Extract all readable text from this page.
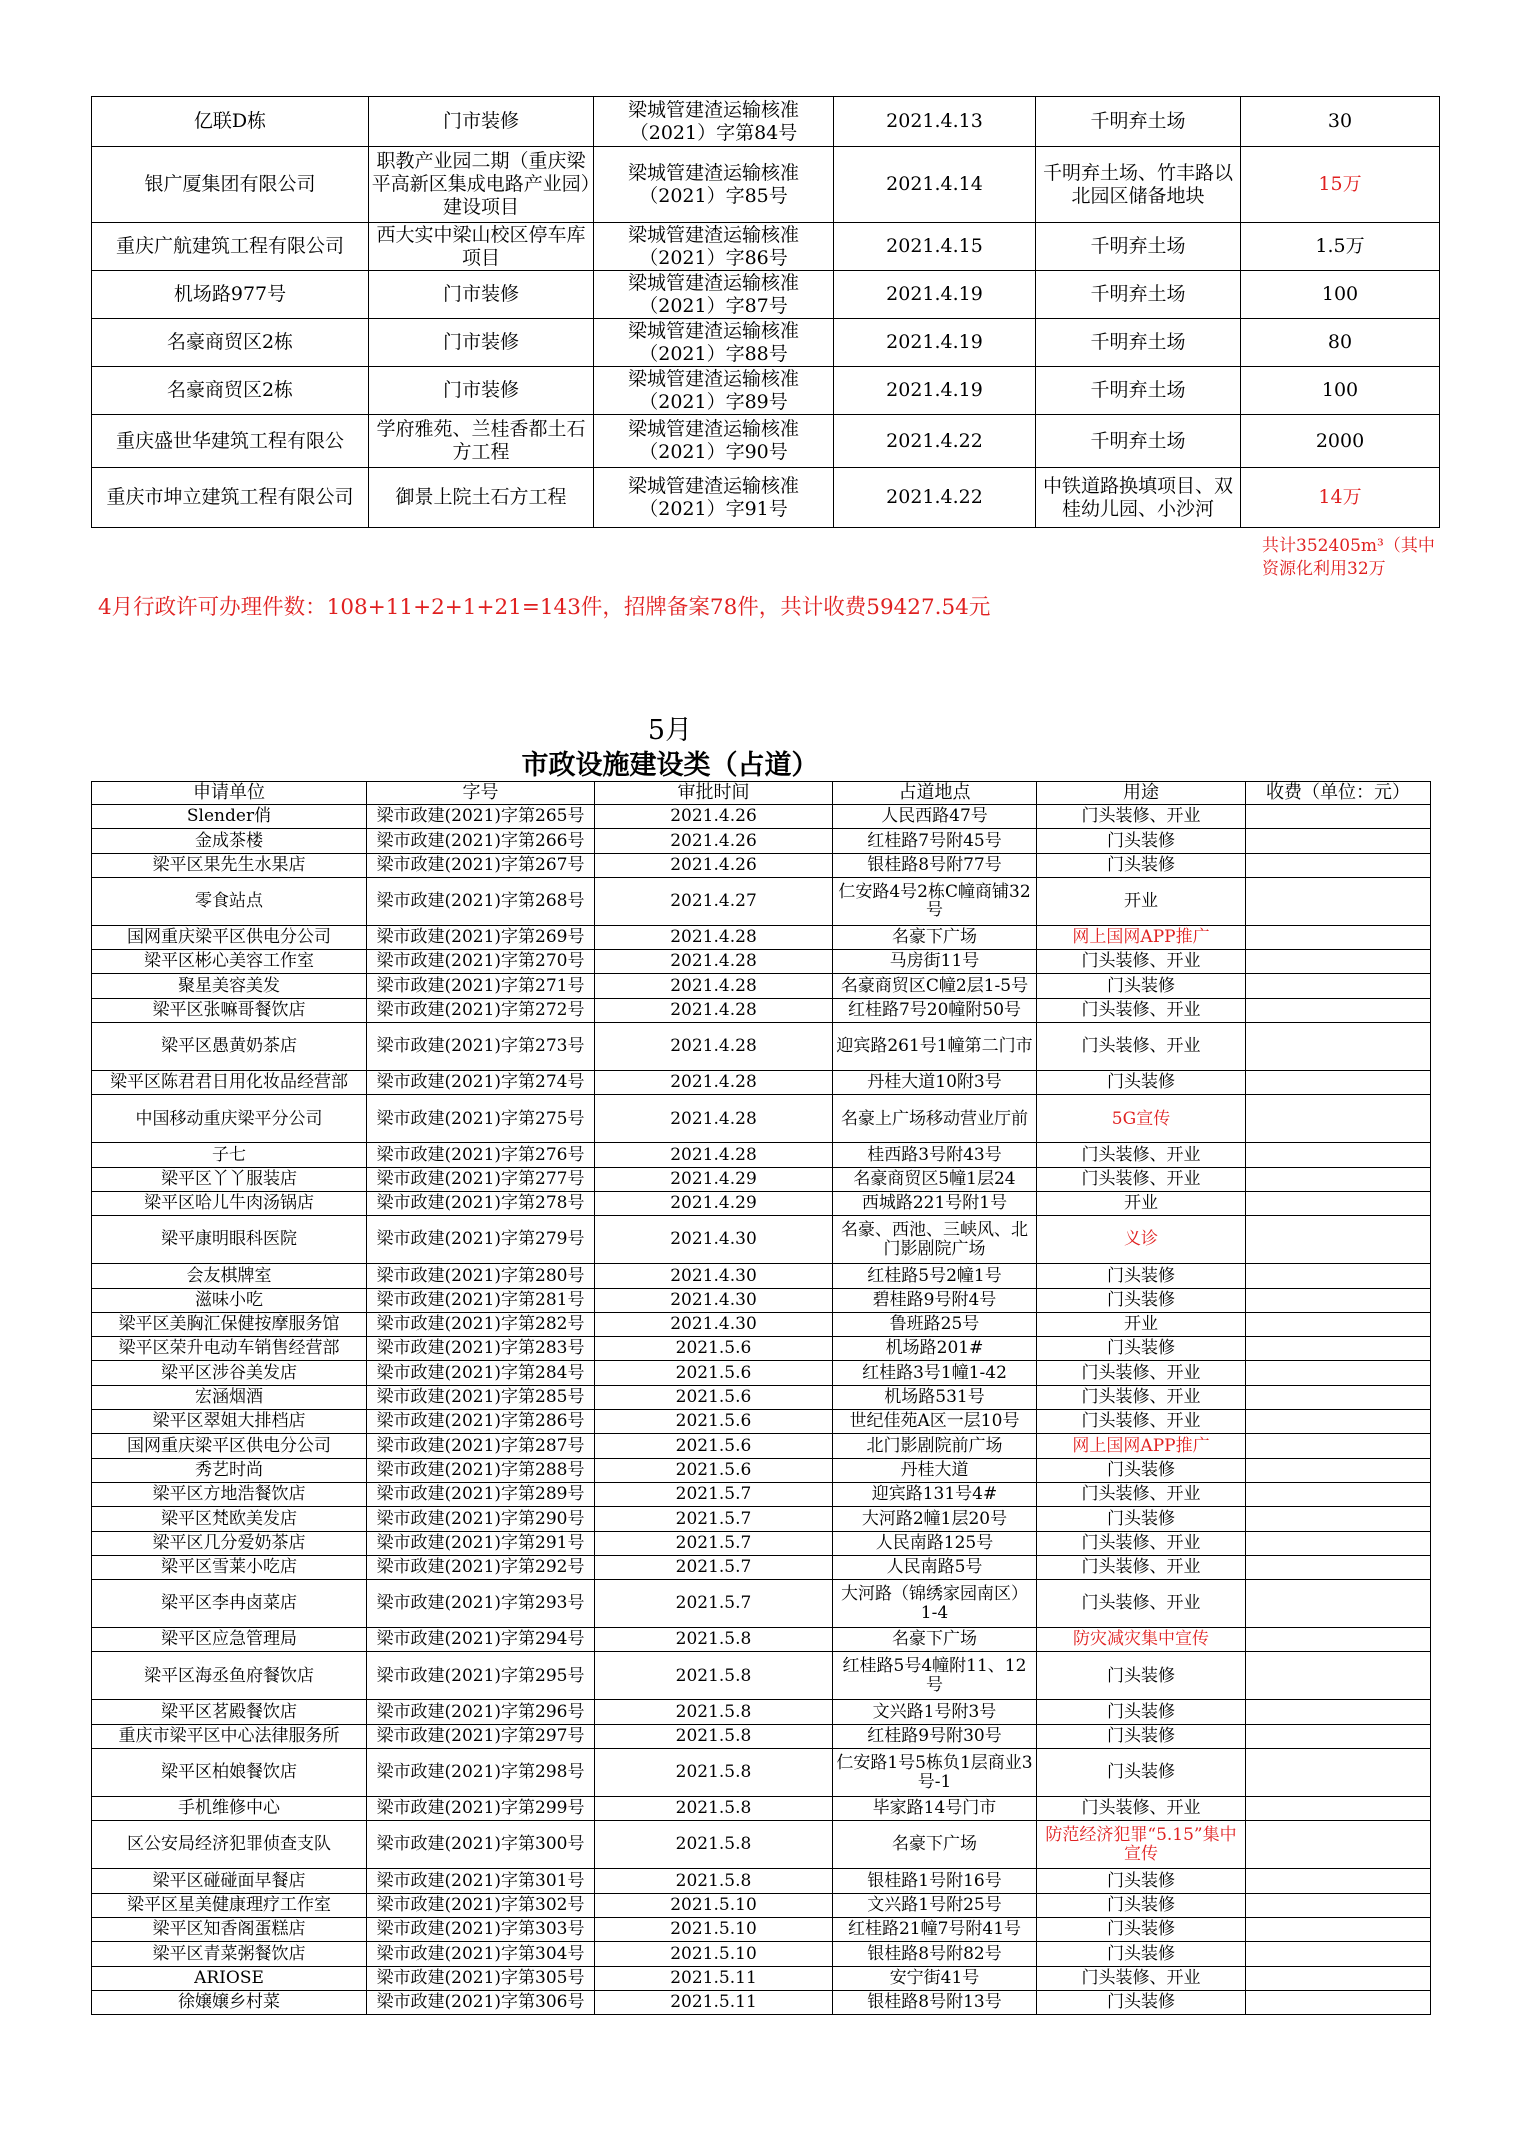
亿联D栋	门市装修	梁城管建渣运输核准（2021）字第84号	2021.4.13	千明弃土场	30
银广厦集团有限公司	职教产业园二期（重庆梁平高新区集成电路产业园）建设项目	梁城管建渣运输核准（2021）字85号	2021.4.14	千明弃土场、竹丰路以北园区储备地块	15万
重庆广航建筑工程有限公司	西大实中梁山校区停车库项目	梁城管建渣运输核准（2021）字86号	2021.4.15	千明弃土场	1.5万
机场路977号	门市装修	梁城管建渣运输核准（2021）字87号	2021.4.19	千明弃土场	100
名豪商贸区2栋	门市装修	梁城管建渣运输核准（2021）字88号	2021.4.19	千明弃土场	80
名豪商贸区2栋	门市装修	梁城管建渣运输核准（2021）字89号	2021.4.19	千明弃土场	100
重庆盛世华建筑工程有限公	学府雅苑、兰桂香都土石方工程	梁城管建渣运输核准（2021）字90号	2021.4.22	千明弃土场	2000
重庆市坤立建筑工程有限公司	御景上院土石方工程	梁城管建渣运输核准（2021）字91号	2021.4.22	中铁道路换填项目、双桂幼儿园、小沙河	14万
共计352405m³（其中资源化利用32万
4月行政许可办理件数：108+11+2+1+21=143件，招牌备案78件，共计收费59427.54元
5月
市政设施建设类（占道）
申请单位	字号	审批时间	占道地点	用途	收费（单位：元）
Slender俏	梁市政建(2021)字第265号	2021.4.26	人民西路47号	门头装修、开业	
金成茶楼	梁市政建(2021)字第266号	2021.4.26	红桂路7号附45号	门头装修	
梁平区果先生水果店	梁市政建(2021)字第267号	2021.4.26	银桂路8号附77号	门头装修	
零食站点	梁市政建(2021)字第268号	2021.4.27	仁安路4号2栋C幢商铺32号	开业	
国网重庆梁平区供电分公司	梁市政建(2021)字第269号	2021.4.28	名豪下广场	网上国网APP推广	
梁平区彬心美容工作室	梁市政建(2021)字第270号	2021.4.28	马房街11号	门头装修、开业	
聚星美容美发	梁市政建(2021)字第271号	2021.4.28	名豪商贸区C幢2层1-5号	门头装修	
梁平区张嘛哥餐饮店	梁市政建(2021)字第272号	2021.4.28	红桂路7号20幢附50号	门头装修、开业	
梁平区愚黄奶茶店	梁市政建(2021)字第273号	2021.4.28	迎宾路261号1幢第二门市	门头装修、开业	
梁平区陈君君日用化妆品经营部	梁市政建(2021)字第274号	2021.4.28	丹桂大道10附3号	门头装修	
中国移动重庆梁平分公司	梁市政建(2021)字第275号	2021.4.28	名豪上广场移动营业厅前	5G宣传	
子七	梁市政建(2021)字第276号	2021.4.28	桂西路3号附43号	门头装修、开业	
梁平区丫丫服装店	梁市政建(2021)字第277号	2021.4.29	名豪商贸区5幢1层24	门头装修、开业	
梁平区哈儿牛肉汤锅店	梁市政建(2021)字第278号	2021.4.29	西城路221号附1号	开业	
梁平康明眼科医院	梁市政建(2021)字第279号	2021.4.30	名豪、西池、三峡风、北门影剧院广场	义诊	
会友棋牌室	梁市政建(2021)字第280号	2021.4.30	红桂路5号2幢1号	门头装修	
滋味小吃	梁市政建(2021)字第281号	2021.4.30	碧桂路9号附4号	门头装修	
梁平区美胸汇保健按摩服务馆	梁市政建(2021)字第282号	2021.4.30	鲁班路25号	开业	
梁平区荣升电动车销售经营部	梁市政建(2021)字第283号	2021.5.6	机场路201#	门头装修	
梁平区涉谷美发店	梁市政建(2021)字第284号	2021.5.6	红桂路3号1幢1-42	门头装修、开业	
宏涵烟酒	梁市政建(2021)字第285号	2021.5.6	机场路531号	门头装修、开业	
梁平区翠姐大排档店	梁市政建(2021)字第286号	2021.5.6	世纪佳苑A区一层10号	门头装修、开业	
国网重庆梁平区供电分公司	梁市政建(2021)字第287号	2021.5.6	北门影剧院前广场	网上国网APP推广	
秀艺时尚	梁市政建(2021)字第288号	2021.5.6	丹桂大道	门头装修	
梁平区方地浩餐饮店	梁市政建(2021)字第289号	2021.5.7	迎宾路131号4#	门头装修、开业	
梁平区梵欧美发店	梁市政建(2021)字第290号	2021.5.7	大河路2幢1层20号	门头装修	
梁平区几分爱奶茶店	梁市政建(2021)字第291号	2021.5.7	人民南路125号	门头装修、开业	
梁平区雪莱小吃店	梁市政建(2021)字第292号	2021.5.7	人民南路5号	门头装修、开业	
梁平区李冉卤菜店	梁市政建(2021)字第293号	2021.5.7	大河路（锦绣家园南区）1-4	门头装修、开业	
梁平区应急管理局	梁市政建(2021)字第294号	2021.5.8	名豪下广场	防灾减灾集中宣传	
梁平区海丞鱼府餐饮店	梁市政建(2021)字第295号	2021.5.8	红桂路5号4幢附11、12号	门头装修	
梁平区茗殿餐饮店	梁市政建(2021)字第296号	2021.5.8	文兴路1号附3号	门头装修	
重庆市梁平区中心法律服务所	梁市政建(2021)字第297号	2021.5.8	红桂路9号附30号	门头装修	
梁平区柏娘餐饮店	梁市政建(2021)字第298号	2021.5.8	仁安路1号5栋负1层商业3号-1	门头装修	
手机维修中心	梁市政建(2021)字第299号	2021.5.8	毕家路14号门市	门头装修、开业	
区公安局经济犯罪侦查支队	梁市政建(2021)字第300号	2021.5.8	名豪下广场	防范经济犯罪“5.15”集中宣传	
梁平区碰碰面早餐店	梁市政建(2021)字第301号	2021.5.8	银桂路1号附16号	门头装修	
梁平区星美健康理疗工作室	梁市政建(2021)字第302号	2021.5.10	文兴路1号附25号	门头装修	
梁平区知香阁蛋糕店	梁市政建(2021)字第303号	2021.5.10	红桂路21幢7号附41号	门头装修	
梁平区青菜粥餐饮店	梁市政建(2021)字第304号	2021.5.10	银桂路8号附82号	门头装修	
ARIOSE	梁市政建(2021)字第305号	2021.5.11	安宁街41号	门头装修、开业	
徐嬢嬢乡村菜	梁市政建(2021)字第306号	2021.5.11	银桂路8号附13号	门头装修	
